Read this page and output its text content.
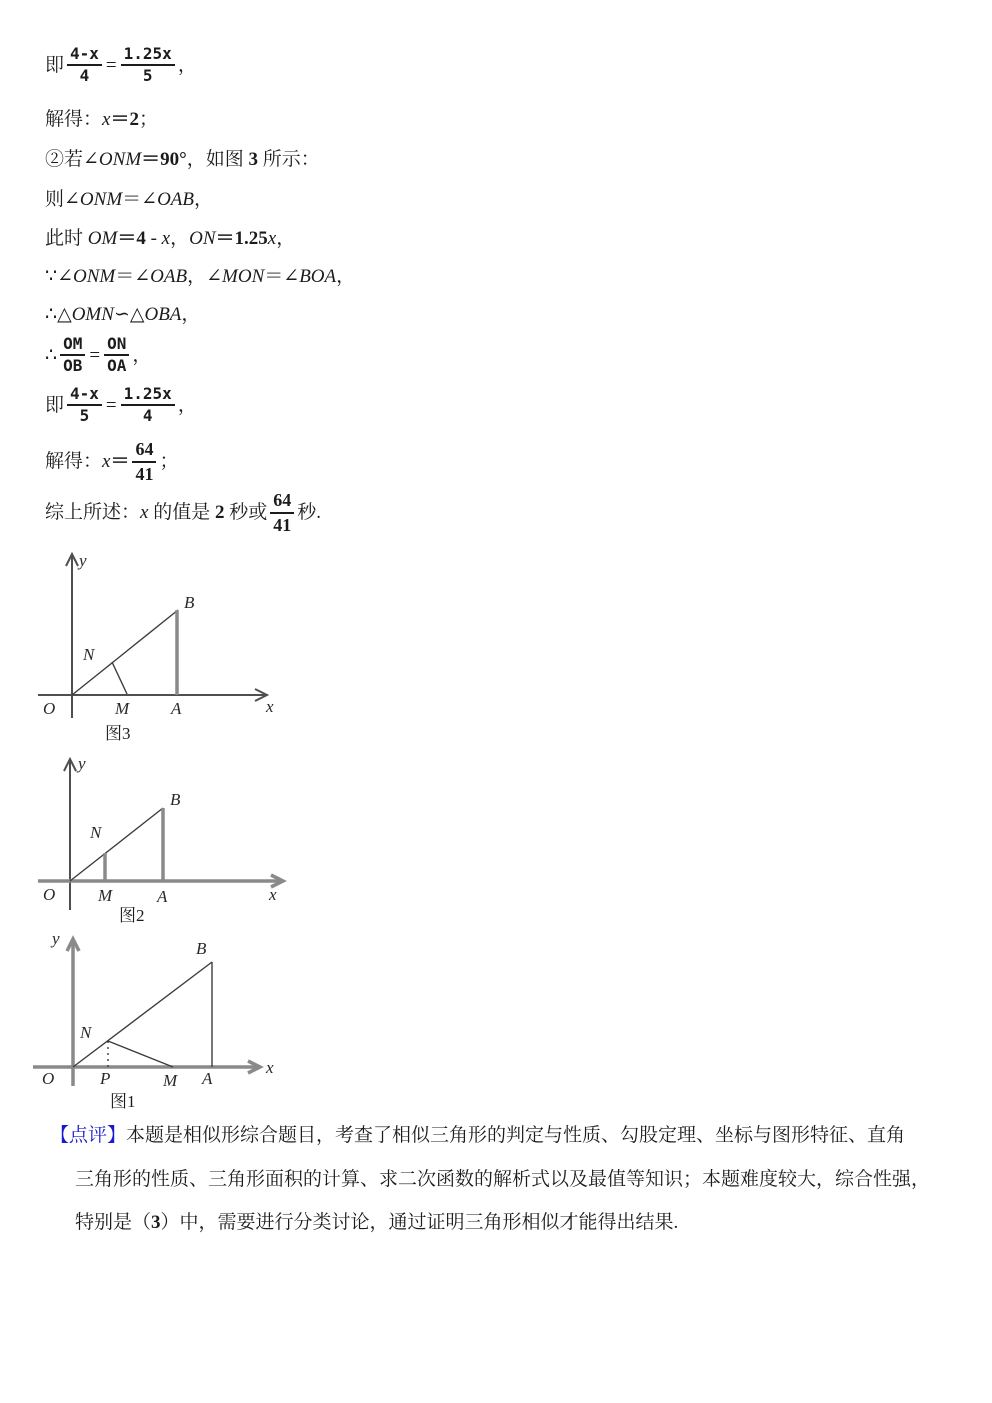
即 $\frac{4-x}{4} = \frac{1.25x}{5}$ ，
解得： x ＝ 2 ；
②若∠ ONM ＝ 90° ，如图 3 所示：
则∠ ONM ＝∠ OAB ，
此时 OM ＝ 4 - x ， ON ＝ 1.25 x ，
∵∠ ONM ＝∠ OAB ，∠ MON ＝∠ BOA ，
∴△ OMN ∽ △ OBA ，
∴ $\frac{OM}{OB} = \frac{ON}{OA}$ ，
即 $\frac{4-x}{5} = \frac{1.25x}{4}$ ，
解得： $x = \frac{64}{41}$ ；
综上所述： x 的值是 2 秒或 $\frac{64}{41}$ 秒.
y
x
O	M A
N
B
图3
y
x
O	M	A
N
B
图2
y
x
O	P	M A
N
B
图1
【点评】本题是相似形综合题目，考查了相似三角形的判定与性质、勾股定理、坐标与图形特征、直角
三角形的性质、三角形面积的计算、求二次函数的解析式以及最值等知识；本题难度较大，综合性强，
特别是（3）中，需要进行分类讨论，通过证明三角形相似才能得出结果.
